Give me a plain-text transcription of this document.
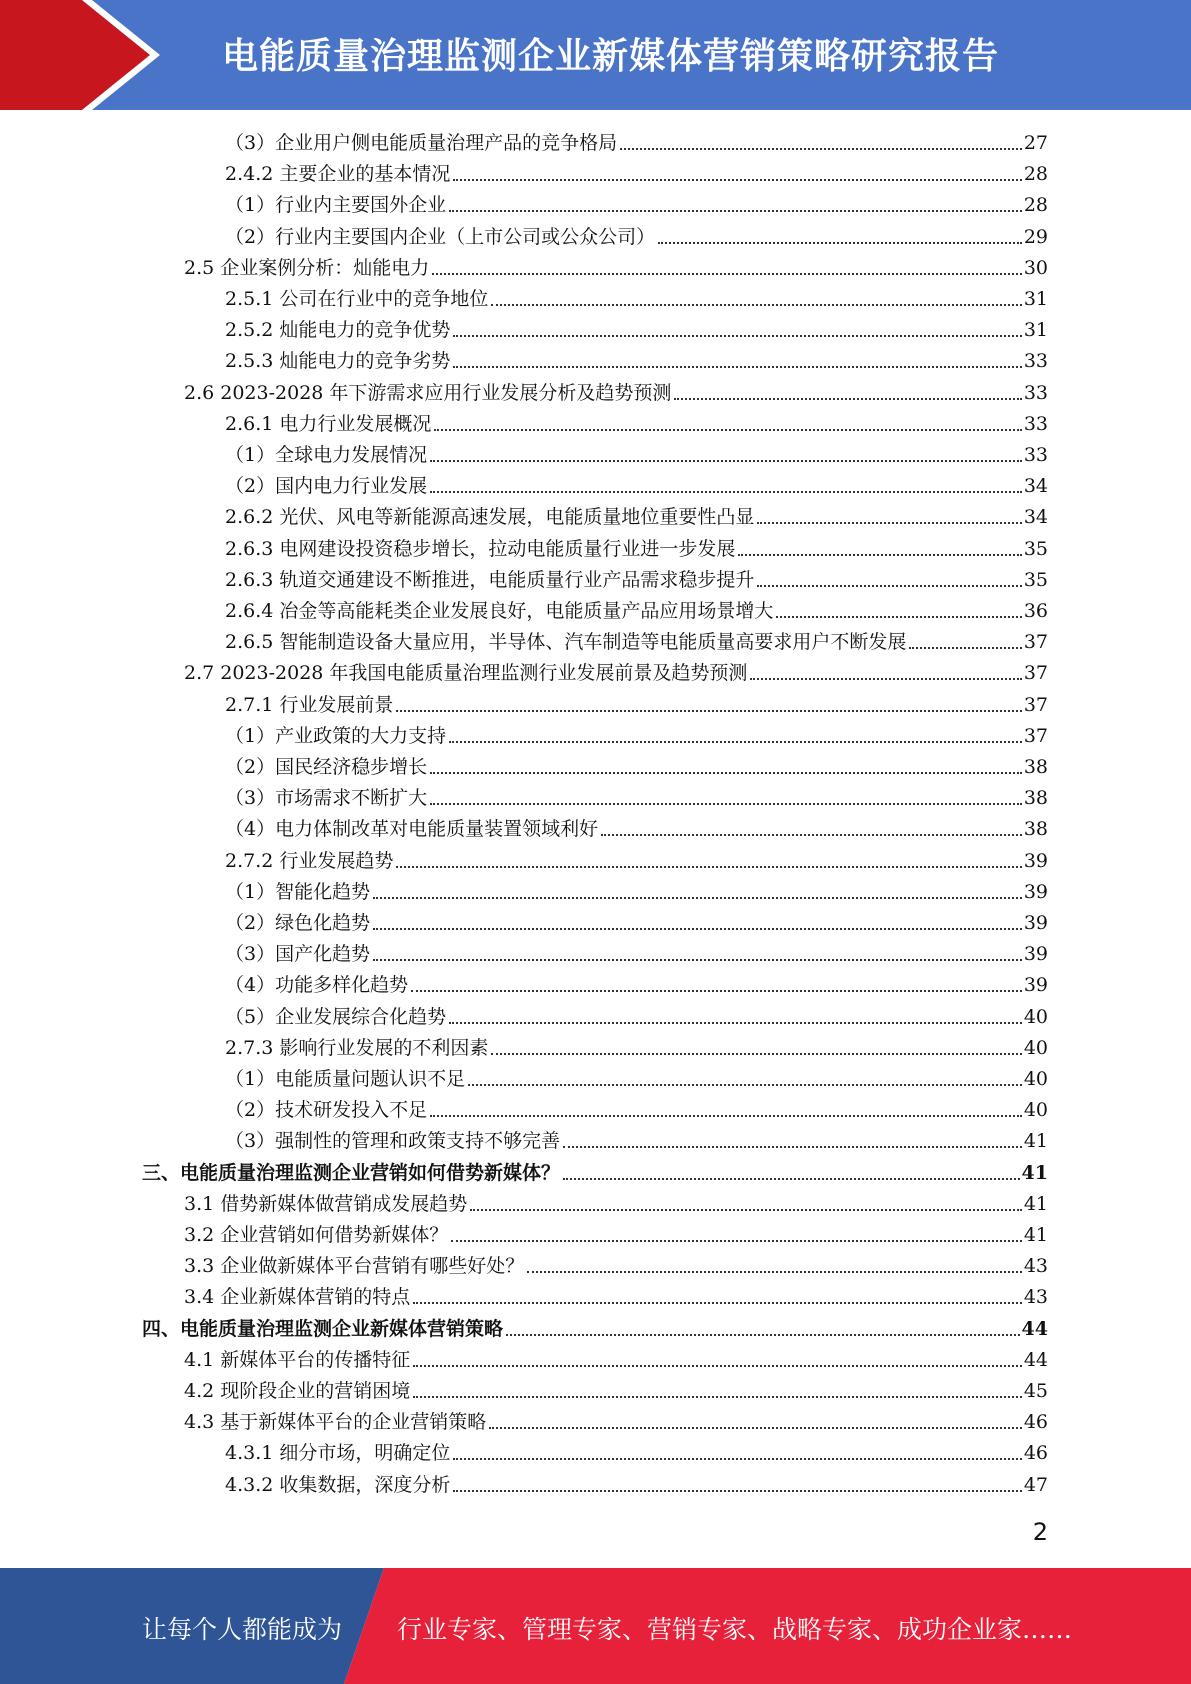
电能质量治理监测企业新媒体营销策略研究报告
（3）企业用户侧电能质量治理产品的竞争格局	27
2.4.2 主要企业的基本情况	28
（1）行业内主要国外企业	28
（2）行业内主要国内企业（上市公司或公众公司）	29
2.5 企业案例分析：灿能电力	30
2.5.1 公司在行业中的竞争地位	31
2.5.2 灿能电力的竞争优势	31
2.5.3 灿能电力的竞争劣势	33
2.6 2023-2028 年下游需求应用行业发展分析及趋势预测	33
2.6.1 电力行业发展概况	33
（1）全球电力发展情况	33
（2）国内电力行业发展	34
2.6.2 光伏、风电等新能源高速发展，电能质量地位重要性凸显	34
2.6.3 电网建设投资稳步增长，拉动电能质量行业进一步发展	35
2.6.3 轨道交通建设不断推进，电能质量行业产品需求稳步提升	35
2.6.4 冶金等高能耗类企业发展良好，电能质量产品应用场景增大	36
2.6.5 智能制造设备大量应用，半导体、汽车制造等电能质量高要求用户不断发展	37
2.7 2023-2028 年我国电能质量治理监测行业发展前景及趋势预测	37
2.7.1 行业发展前景	37
（1）产业政策的大力支持	37
（2）国民经济稳步增长	38
（3）市场需求不断扩大	38
（4）电力体制改革对电能质量装置领域利好	38
2.7.2 行业发展趋势	39
（1）智能化趋势	39
（2）绿色化趋势	39
（3）国产化趋势	39
（4）功能多样化趋势	39
（5）企业发展综合化趋势	40
2.7.3 影响行业发展的不利因素	40
（1）电能质量问题认识不足	40
（2）技术研发投入不足	40
（3）强制性的管理和政策支持不够完善	41
三、电能质量治理监测企业营销如何借势新媒体？	41
3.1 借势新媒体做营销成发展趋势	41
3.2 企业营销如何借势新媒体？	41
3.3 企业做新媒体平台营销有哪些好处？	43
3.4 企业新媒体营销的特点	43
四、电能质量治理监测企业新媒体营销策略	44
4.1 新媒体平台的传播特征	44
4.2 现阶段企业的营销困境	45
4.3 基于新媒体平台的企业营销策略	46
4.3.1 细分市场，明确定位	46
4.3.2 收集数据，深度分析	47
2
让每个人都能成为 行业专家、管理专家、营销专家、战略专家、成功企业家……
